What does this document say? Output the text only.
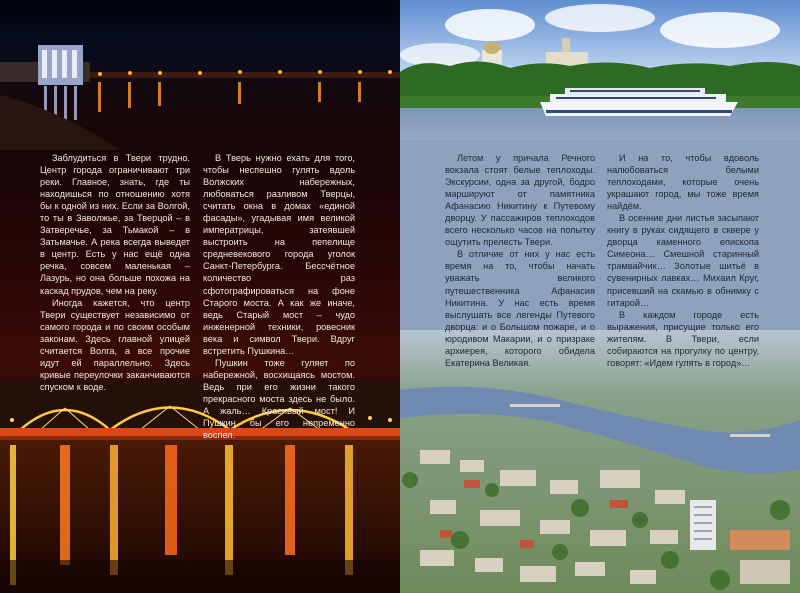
Заблудиться в Твери трудно. Центр города ограничивают три реки. Главное, знать, где ты находишься по отношению хотя бы к одной из них. Если за Волгой, то ты в Заволжье, за Тверцой – в Затверечье, за Тьмакой – в Затьмачье. А река всегда выведет в центр. Есть у нас ещё одна речка, совсем маленькая – Лазурь, но она больше похожа на каскад прудов, чем на реку.

Иногда кажется, что центр Твери существует независимо от самого города и по своим особым законам. Здесь главной улицей считается Волга, а все прочие идут ей параллельно. Здесь кривые переулочки заканчиваются спуском к воде.

В Тверь нужно ехать для того, чтобы неспешно гулять вдоль Волжских набережных, любоваться разливом Тверцы, считать окна в домах «единой фасады», угадывая имя великой императрицы, затеявшей выстроить на пепелище средневекового города уголок Санкт-Петербурга. Бессчётное количество раз сфотографироваться на фоне Старого моста. А как же иначе, ведь Старый мост – чудо инженерной техники, ровесник века и символ Твери. Вдруг встретить Пушкина…

Пушкин тоже гуляет по набережной, восхищаясь мостом. Ведь при его жизни такого прекрасного моста здесь не было. А жаль… Красивый мост! И Пушкин бы его непременно воспел.

Летом у причала Речного вокзала стоят белые теплоходы. Экскурсии, одна за другой, бодро маршируют от памятника Афанасию Никитину к Путевому дворцу. У пассажиров теплоходов всего несколько часов на попытку ощутить прелесть Твери.

В отличие от них у нас есть время на то, чтобы начать уважать великого путешественника Афанасия Никитина. У нас есть время выслушать все легенды Путевого дворца: и о Большом пожаре, и о юродивом Макарии, и о призраке архиерея, которого обидела Екатерина Великая.

И на то, чтобы вдоволь налюбоваться белыми теплоходами, которые очень украшают город, мы тоже время найдём.

В осенние дни листья засыпают книгу в руках сидящего в сквере у дворца каменного епископа Симеона… Смешной старинный трамвайчик… Золотые шитьё в сувенирных лавках… Михаил Круг, присевший на скамью в обнимку с гитарой…

В каждом городе есть выражения, присущие только его жителям. В Твери, если собираются на прогулку по центру, говорят: «Идем гулять в город»…
